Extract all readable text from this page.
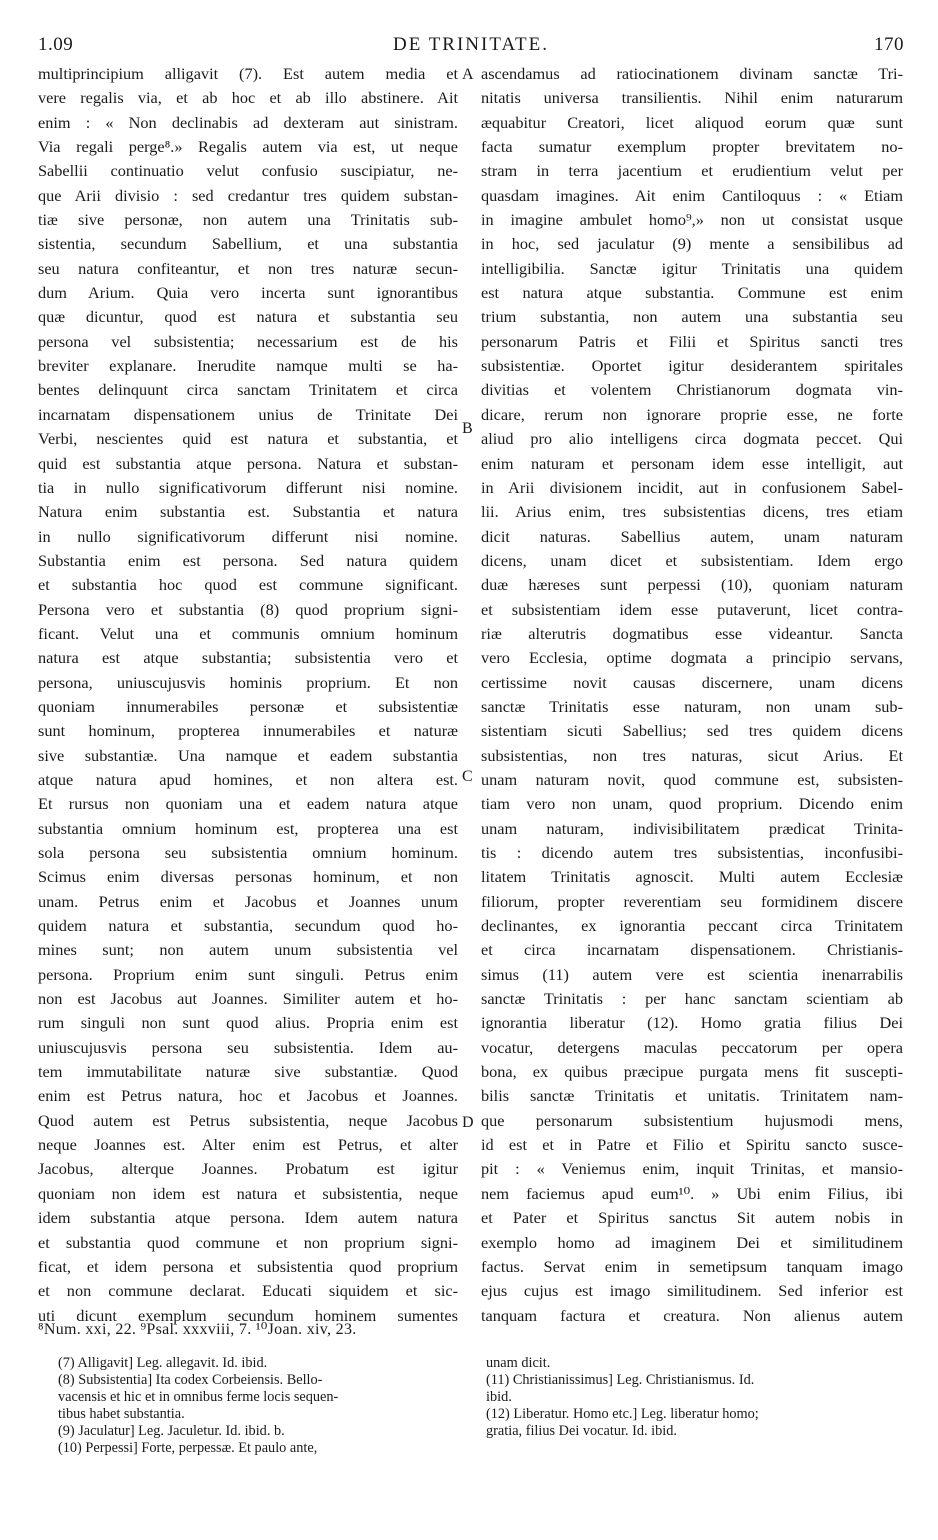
1.09	DE TRINITATE.	170
multiprincipium alligavit (7). Est autem media et
vere regalis via, et ab hoc et ab illo abstinere. Ait
enim : « Non declinabis ad dexteram aut sinistram.
Via regali perge⁸.» Regalis autem via est, ut neque
Sabellii continuatio velut confusio suscipiatur, ne-
que Arii divisio : sed credantur tres quidem substan-
tiæ sive personæ, non autem una Trinitatis sub-
sistentia, secundum Sabellium, et una substantia
seu natura confiteantur, et non tres naturæ secun-
dum Arium. Quia vero incerta sunt ignorantibus
quæ dicuntur, quod est natura et substantia seu
persona vel subsistentia; necessarium est de his
breviter explanare. Inerudite namque multi se ha-
bentes delinquunt circa sanctam Trinitatem et circa
incarnatam dispensationem unius de Trinitate Dei
Verbi, nescientes quid est natura et substantia, et
quid est substantia atque persona. Natura et substan-
tia in nullo significativorum differunt nisi nomine.
Natura enim substantia est. Substantia et natura
in nullo significativorum differunt nisi nomine.
Substantia enim est persona. Sed natura quidem
et substantia hoc quod est commune significant.
Persona vero et substantia (8) quod proprium signi-
ficant. Velut una et communis omnium hominum
natura est atque substantia; subsistentia vero et
persona, uniuscujusvis hominis proprium. Et non
quoniam innumerabiles personæ et subsistentiæ
sunt hominum, propterea innumerabiles et naturæ
sive substantiæ. Una namque et eadem substantia
atque natura apud homines, et non altera est.
Et rursus non quoniam una et eadem natura atque
substantia omnium hominum est, propterea una est
sola persona seu subsistentia omnium hominum.
Scimus enim diversas personas hominum, et non
unam. Petrus enim et Jacobus et Joannes unum
quidem natura et substantia, secundum quod ho-
mines sunt; non autem unum subsistentia vel
persona. Proprium enim sunt singuli. Petrus enim
non est Jacobus aut Joannes. Similiter autem et ho-
rum singuli non sunt quod alius. Propria enim est
uniuscujusvis persona seu subsistentia. Idem au-
tem immutabilitate naturæ sive substantiæ. Quod
enim est Petrus natura, hoc et Jacobus et Joannes.
Quod autem est Petrus subsistentia, neque Jacobus
neque Joannes est. Alter enim est Petrus, et alter
Jacobus, alterque Joannes. Probatum est igitur
quoniam non idem est natura et subsistentia, neque
idem substantia atque persona. Idem autem natura
et substantia quod commune et non proprium signi-
ficat, et idem persona et subsistentia quod proprium
et non commune declarat. Educati siquidem et sic-
uti dicunt exemplum secundum hominem sumentes
ascendamus ad ratiocinationem divinam sanctæ Tri-
nitatis universa transilientis. Nihil enim naturarum
æquabitur Creatori, licet aliquod eorum quæ sunt
facta sumatur exemplum propter brevitatem no-
stram in terra jacentium et erudientium velut per
quasdam imagines. Ait enim Cantiloquus : « Etiam
in imagine ambulet homo⁹,» non ut consistat usque
in hoc, sed jaculatur (9) mente a sensibilibus ad
intelligibilia. Sanctæ igitur Trinitatis una quidem
est natura atque substantia. Commune est enim
trium substantia, non autem una substantia seu
personarum Patris et Filii et Spiritus sancti tres
subsistentiæ. Oportet igitur desiderantem spiritales
divitias et volentem Christianorum dogmata vin-
dicare, rerum non ignorare proprie esse, ne forte
aliud pro alio intelligens circa dogmata peccet. Qui
enim naturam et personam idem esse intelligit, aut
in Arii divisionem incidit, aut in confusionem Sabel-
lii. Arius enim, tres subsistentias dicens, tres etiam
dicit naturas. Sabellius autem, unam naturam
dicens, unam dicet et subsistentiam. Idem ergo
duæ hæreses sunt perpessi (10), quoniam naturam
et subsistentiam idem esse putaverunt, licet contra-
riæ alterutris dogmatibus esse videantur. Sancta
vero Ecclesia, optime dogmata a principio servans,
certissime novit causas discernere, unam dicens
sanctæ Trinitatis esse naturam, non unam sub-
sistentiam sicuti Sabellius; sed tres quidem dicens
subsistentias, non tres naturas, sicut Arius. Et
unam naturam novit, quod commune est, subsisten-
tiam vero non unam, quod proprium. Dicendo enim
unam naturam, indivisibilitatem prædicat Trinita-
tis : dicendo autem tres subsistentias, inconfusibi-
litatem Trinitatis agnoscit. Multi autem Ecclesiæ
filiorum, propter reverentiam seu formidinem discere
declinantes, ex ignorantia peccant circa Trinitatem
et circa incarnatam dispensationem. Christianis-
simus (11) autem vere est scientia inenarrabilis
sanctæ Trinitatis : per hanc sanctam scientiam ab
ignorantia liberatur (12). Homo gratia filius Dei
vocatur, detergens maculas peccatorum per opera
bona, ex quibus præcipue purgata mens fit suscepti-
bilis sanctæ Trinitatis et unitatis. Trinitatem nam-
que personarum subsistentium hujusmodi mens,
id est et in Patre et Filio et Spiritu sancto susce-
pit : « Veniemus enim, inquit Trinitas, et mansio-
nem faciemus apud eum¹⁰. » Ubi enim Filius, ibi
et Pater et Spiritus sanctus Sit autem nobis in
exemplo homo ad imaginem Dei et similitudinem
factus. Servat enim in semetipsum tanquam imago
ejus cujus est imago similitudinem. Sed inferior est
tanquam factura et creatura. Non alienus autem
A
B
C
D
⁸Num. xxi, 22. ⁹Psal. xxxviii, 7. ¹⁰Joan. xiv, 23.
(7) Alligavit] Leg. allegavit. Id. ibid.
(8) Subsistentia] Ita codex Corbeiensis. Bello-
vacensis et hic et in omnibus ferme locis sequen-
tibus habet substantia.
(9) Jaculatur] Leg. Jaculetur. Id. ibid. b.
(10) Perpessi] Forte, perpessæ. Et paulo ante,
unam dicit.
(11) Christianissimus] Leg. Christianismus. Id.
ibid.
(12) Liberatur. Homo etc.] Leg. liberatur homo;
gratia, filius Dei vocatur. Id. ibid.
